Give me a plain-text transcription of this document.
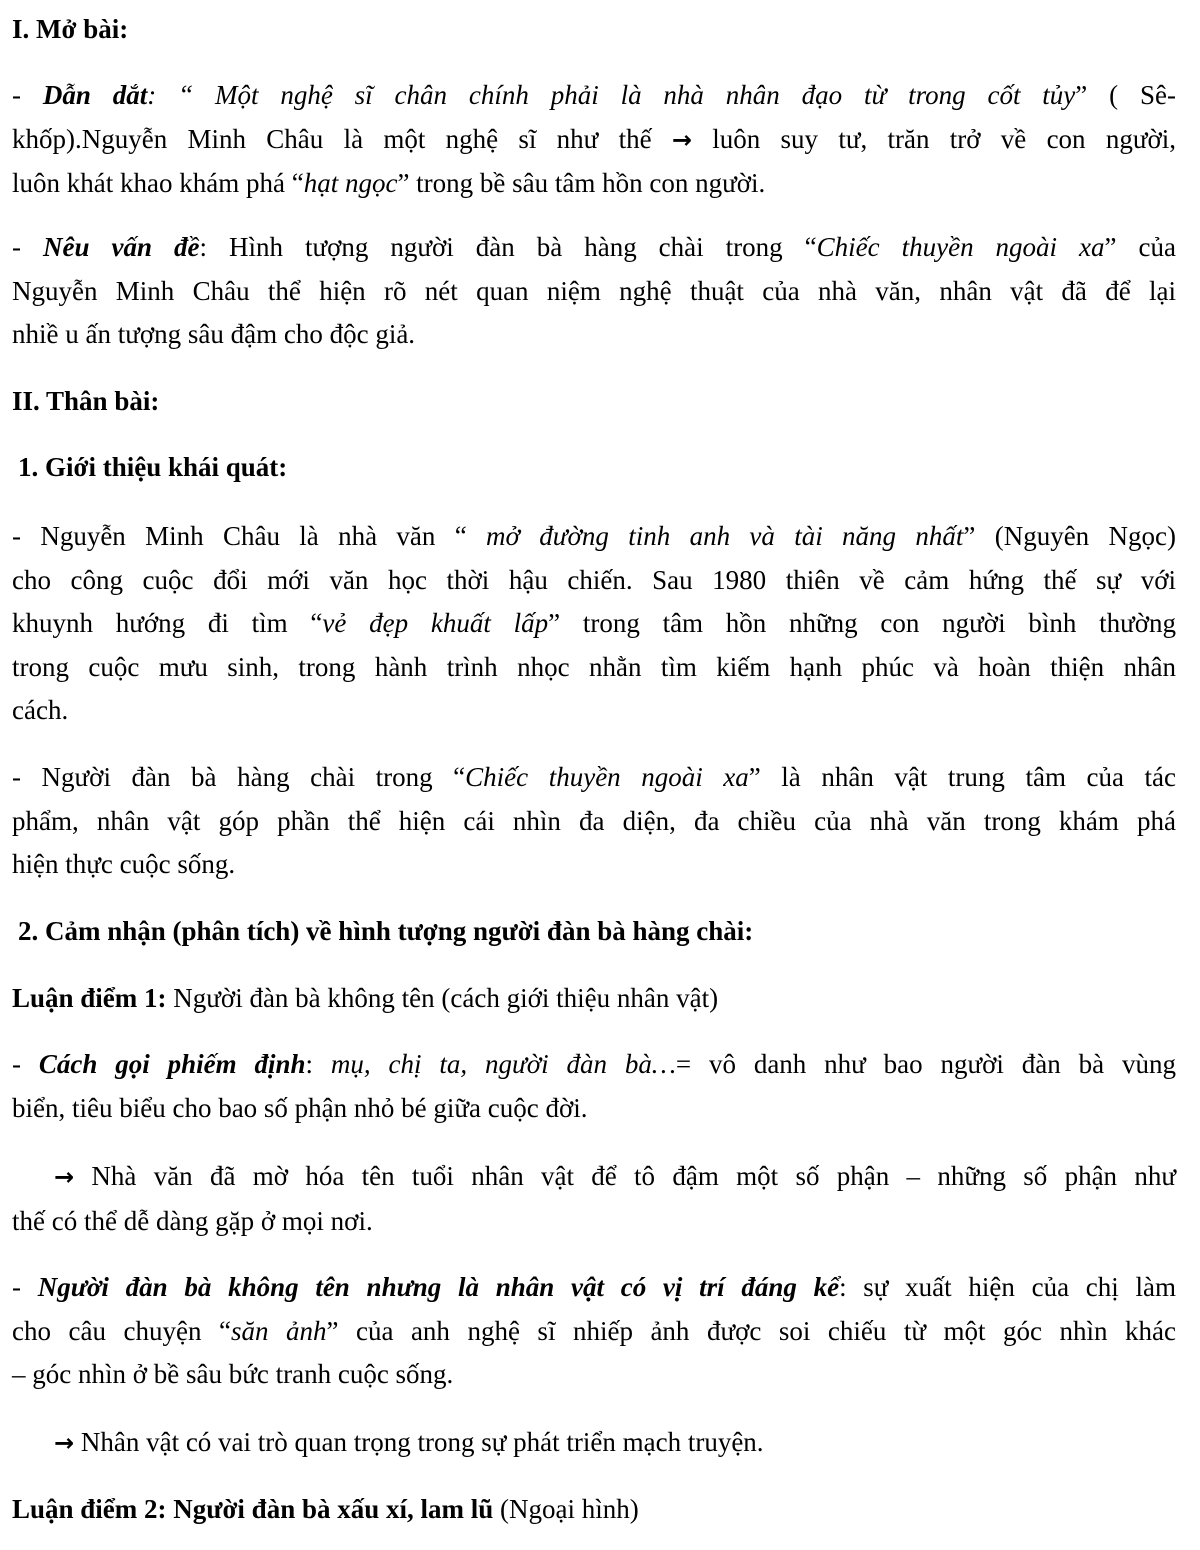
I. Mở bài:
- Dẫn dắt: “ Một nghệ sĩ chân chính phải là nhà nhân đạo từ trong cốt tủy” ( Sê-
khốp).Nguyễn Minh Châu là một nghệ sĩ như thế → luôn suy tư, trăn trở về con người,
luôn khát khao khám phá “hạt ngọc” trong bề sâu tâm hồn con người.
- Nêu vấn đề: Hình tượng người đàn bà hàng chài trong “Chiếc thuyền ngoài xa” của
Nguyễn Minh Châu thể hiện rõ nét quan niệm nghệ thuật của nhà văn, nhân vật đã để lại
nhiề u ấn tượng sâu đậm cho độc giả.
II. Thân bài:
1. Giới thiệu khái quát:
- Nguyễn Minh Châu là nhà văn “ mở đường tinh anh và tài năng nhất” (Nguyên Ngọc)
cho công cuộc đổi mới văn học thời hậu chiến. Sau 1980 thiên về cảm hứng thế sự với
khuynh hướng đi tìm “vẻ đẹp khuất lấp” trong tâm hồn những con người bình thường
trong cuộc mưu sinh, trong hành trình nhọc nhằn tìm kiếm hạnh phúc và hoàn thiện nhân
cách.
- Người đàn bà hàng chài trong “Chiếc thuyền ngoài xa” là nhân vật trung tâm của tác
phẩm, nhân vật góp phần thể hiện cái nhìn đa diện, đa chiều của nhà văn trong khám phá
hiện thực cuộc sống.
2. Cảm nhận (phân tích) về hình tượng người đàn bà hàng chài:
Luận điểm 1: Người đàn bà không tên (cách giới thiệu nhân vật)
- Cách gọi phiếm định: mụ, chị ta, người đàn bà…= vô danh như bao người đàn bà vùng
biển, tiêu biểu cho bao số phận nhỏ bé giữa cuộc đời.
→ Nhà văn đã mờ hóa tên tuổi nhân vật để tô đậm một số phận – những số phận như
thế có thể dễ dàng gặp ở mọi nơi.
- Người đàn bà không tên nhưng là nhân vật có vị trí đáng kể: sự xuất hiện của chị làm
cho câu chuyện “săn ảnh” của anh nghệ sĩ nhiếp ảnh được soi chiếu từ một góc nhìn khác
– góc nhìn ở bề sâu bức tranh cuộc sống.
→ Nhân vật có vai trò quan trọng trong sự phát triển mạch truyện.
Luận điểm 2: Người đàn bà xấu xí, lam lũ (Ngoại hình)
